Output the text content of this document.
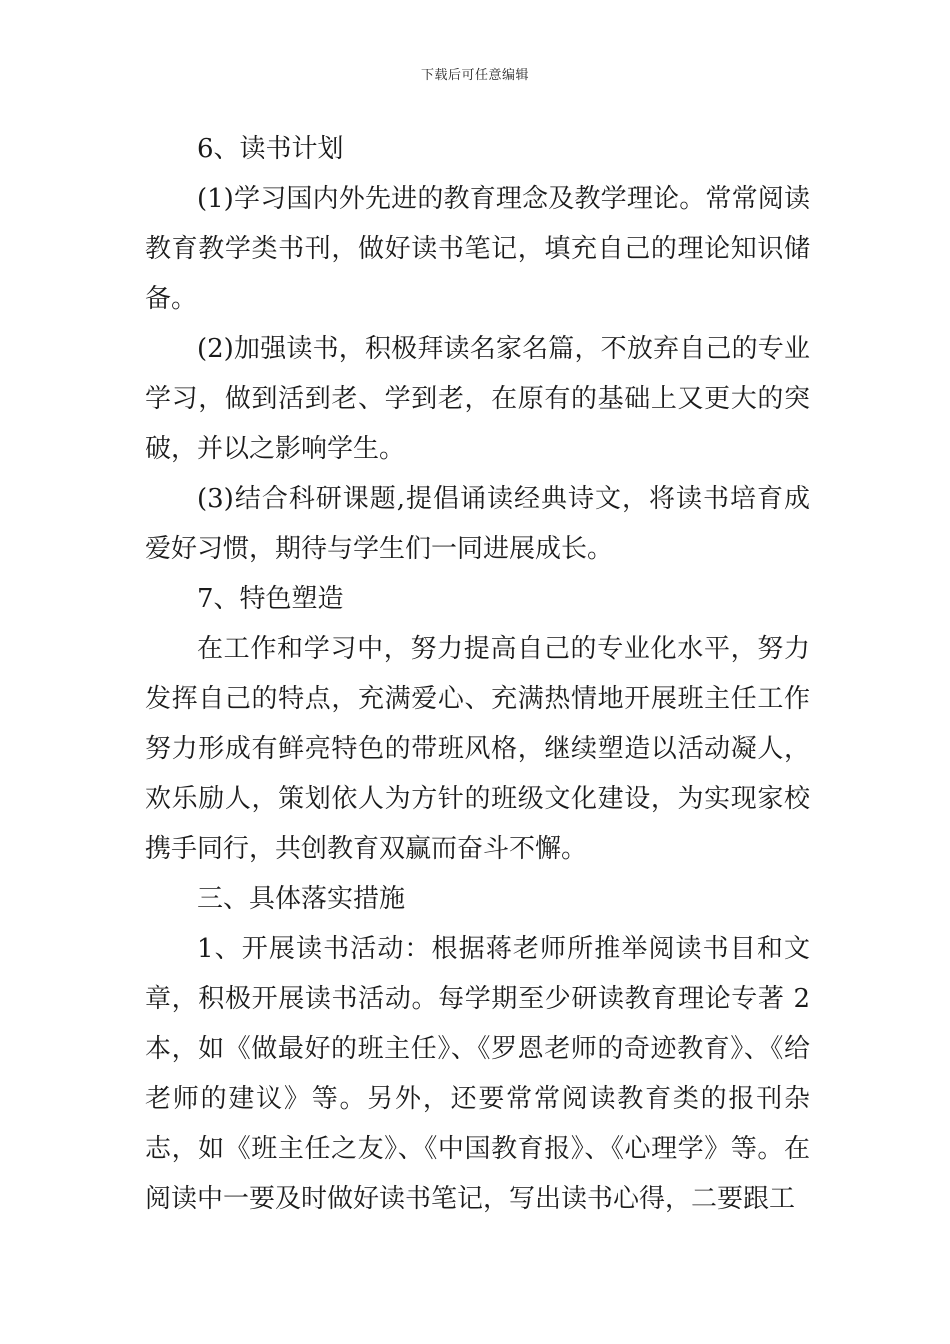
下载后可任意编辑

6、读书计划

(1)学习国内外先进的教育理念及教学理论。常常阅读教育教学类书刊，做好读书笔记，填充自己的理论知识储备。

(2)加强读书，积极拜读名家名篇，不放弃自己的专业学习，做到活到老、学到老，在原有的基础上又更大的突破，并以之影响学生。

(3)结合科研课题,提倡诵读经典诗文，将读书培育成爱好习惯，期待与学生们一同进展成长。

7、特色塑造

在工作和学习中，努力提高自己的专业化水平，努力发挥自己的特点，充满爱心、充满热情地开展班主任工作努力形成有鲜亮特色的带班风格，继续塑造以活动凝人，欢乐励人，策划依人为方针的班级文化建设，为实现家校携手同行，共创教育双赢而奋斗不懈。

三、具体落实措施

1、开展读书活动：根据蒋老师所推举阅读书目和文章，积极开展读书活动。每学期至少研读教育理论专著 2 本，如《做最好的班主任》、《罗恩老师的奇迹教育》、《给老师的建议》等。另外，还要常常阅读教育类的报刊杂志，如《班主任之友》、《中国教育报》、《心理学》等。在阅读中一要及时做好读书笔记，写出读书心得，二要跟工
